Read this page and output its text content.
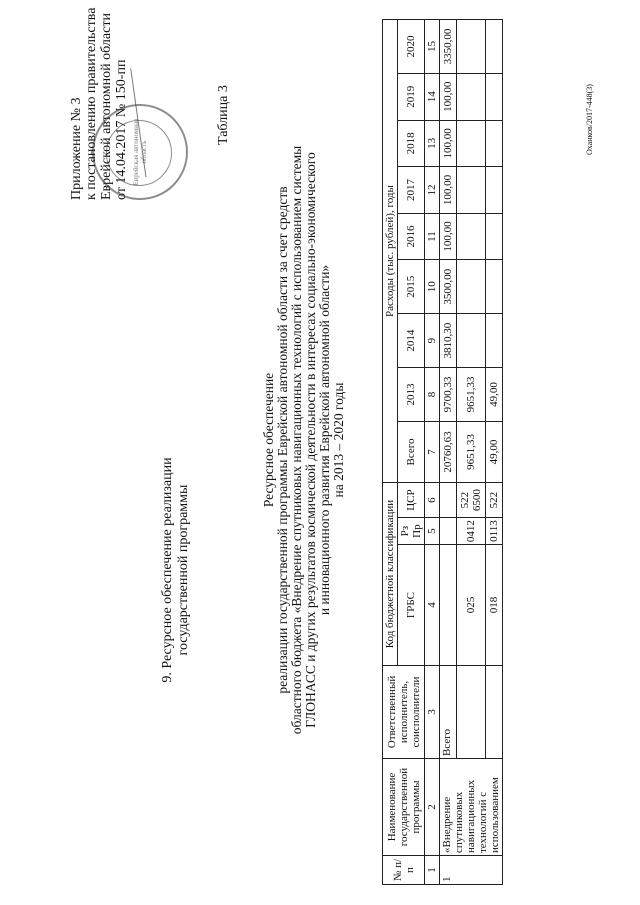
Приложение № 3 к постановлению правительства Еврейской автономной области от 14.04.2017 № 150-пп Еврейская автономная область
9. Ресурсное обеспечение реализации государственной программы
Таблица 3
Ресурсное обеспечение реализации государственной программы Еврейской автономной области за счет средств областного бюджета «Внедрение спутниковых навигационных технологий с использованием системы ГЛОНАСС и других результатов космической деятельности в интересах социально-экономического и инновационного развития Еврейской автономной области» на 2013 – 2020 годы
№ п/п	Наименование государственной программы	Ответственный исполнитель, соисполнители	Код бюджетной классификации			Расходы (тыс. рублей), годы								
			ГРБС	Рз Пр	ЦСР	Всего	2013	2014	2015	2016	2017	2018	2019	2020
1	2	3	4	5	6	7	8	9	10	11	12	13	14	15
1	«Внедрение спутниковых навигационных технологий с использованием	Всего				20760,63	9700,33	3810,30	3500,00	100,00	100,00	100,00	100,00	3350,00
			025	0412	522 6500	9651,33	9651,33							
			018	0113	522	49,00	49,00							
Оханков/2017-448(3)
